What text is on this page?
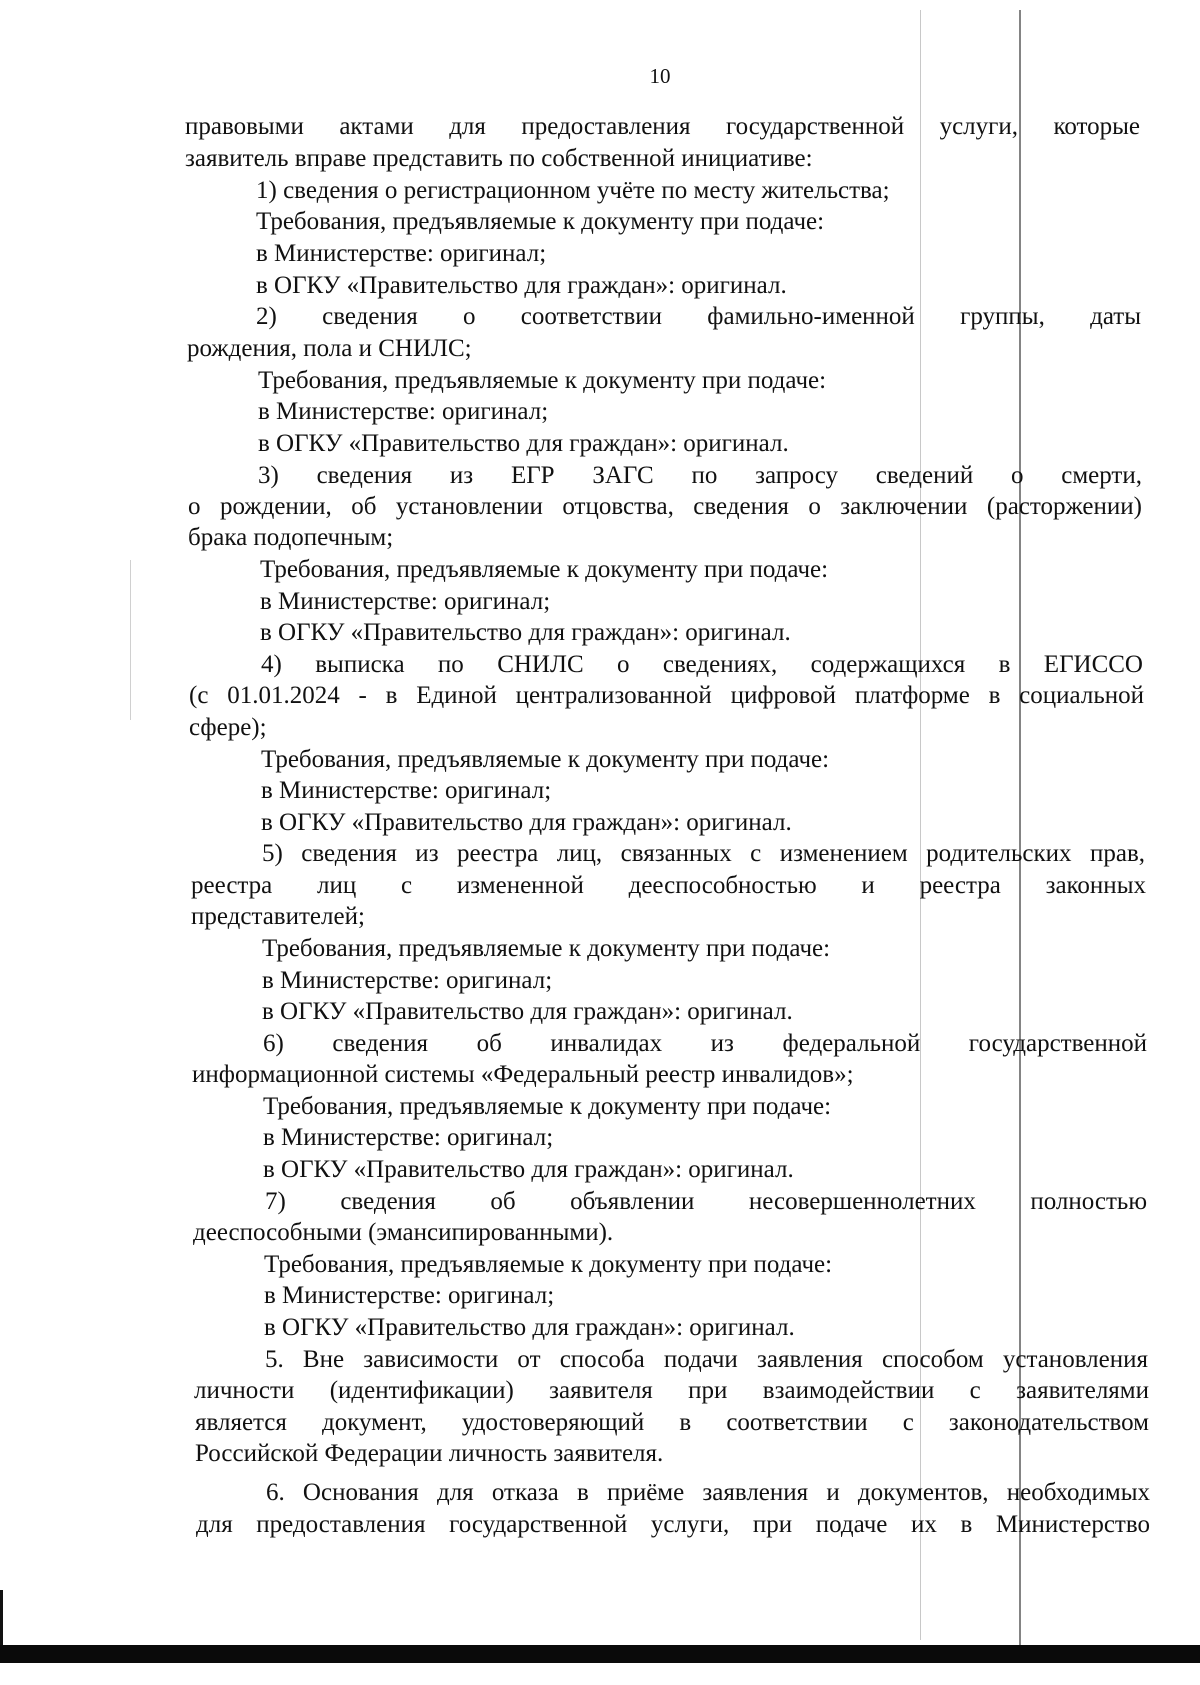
10
правовыми актами для предоставления государственной услуги, которые
заявитель вправе представить по собственной инициативе:
1) сведения о регистрационном учёте по месту жительства;
Требования, предъявляемые к документу при подаче:
в Министерстве: оригинал;
в ОГКУ «Правительство для граждан»: оригинал.
2) сведения о соответствии фамильно-именной группы, даты
рождения, пола и СНИЛС;
Требования, предъявляемые к документу при подаче:
в Министерстве: оригинал;
в ОГКУ «Правительство для граждан»: оригинал.
3) сведения из ЕГР ЗАГС по запросу сведений о смерти,
о рождении, об установлении отцовства, сведения о заключении (расторжении)
брака подопечным;
Требования, предъявляемые к документу при подаче:
в Министерстве: оригинал;
в ОГКУ «Правительство для граждан»: оригинал.
4) выписка по СНИЛС о сведениях, содержащихся в ЕГИССО
(с 01.01.2024 - в Единой централизованной цифровой платформе в социальной
сфере);
Требования, предъявляемые к документу при подаче:
в Министерстве: оригинал;
в ОГКУ «Правительство для граждан»: оригинал.
5) сведения из реестра лиц, связанных с изменением родительских прав,
реестра лиц с измененной дееспособностью и реестра законных
представителей;
Требования, предъявляемые к документу при подаче:
в Министерстве: оригинал;
в ОГКУ «Правительство для граждан»: оригинал.
6) сведения об инвалидах из федеральной государственной
информационной системы «Федеральный реестр инвалидов»;
Требования, предъявляемые к документу при подаче:
в Министерстве: оригинал;
в ОГКУ «Правительство для граждан»: оригинал.
7) сведения об объявлении несовершеннолетних полностью
дееспособными (эмансипированными).
Требования, предъявляемые к документу при подаче:
в Министерстве: оригинал;
в ОГКУ «Правительство для граждан»: оригинал.
5. Вне зависимости от способа подачи заявления способом установления
личности (идентификации) заявителя при взаимодействии с заявителями
является документ, удостоверяющий в соответствии с законодательством
Российской Федерации личность заявителя.
6. Основания для отказа в приёме заявления и документов, необходимых
для предоставления государственной услуги, при подаче их в Министерство
